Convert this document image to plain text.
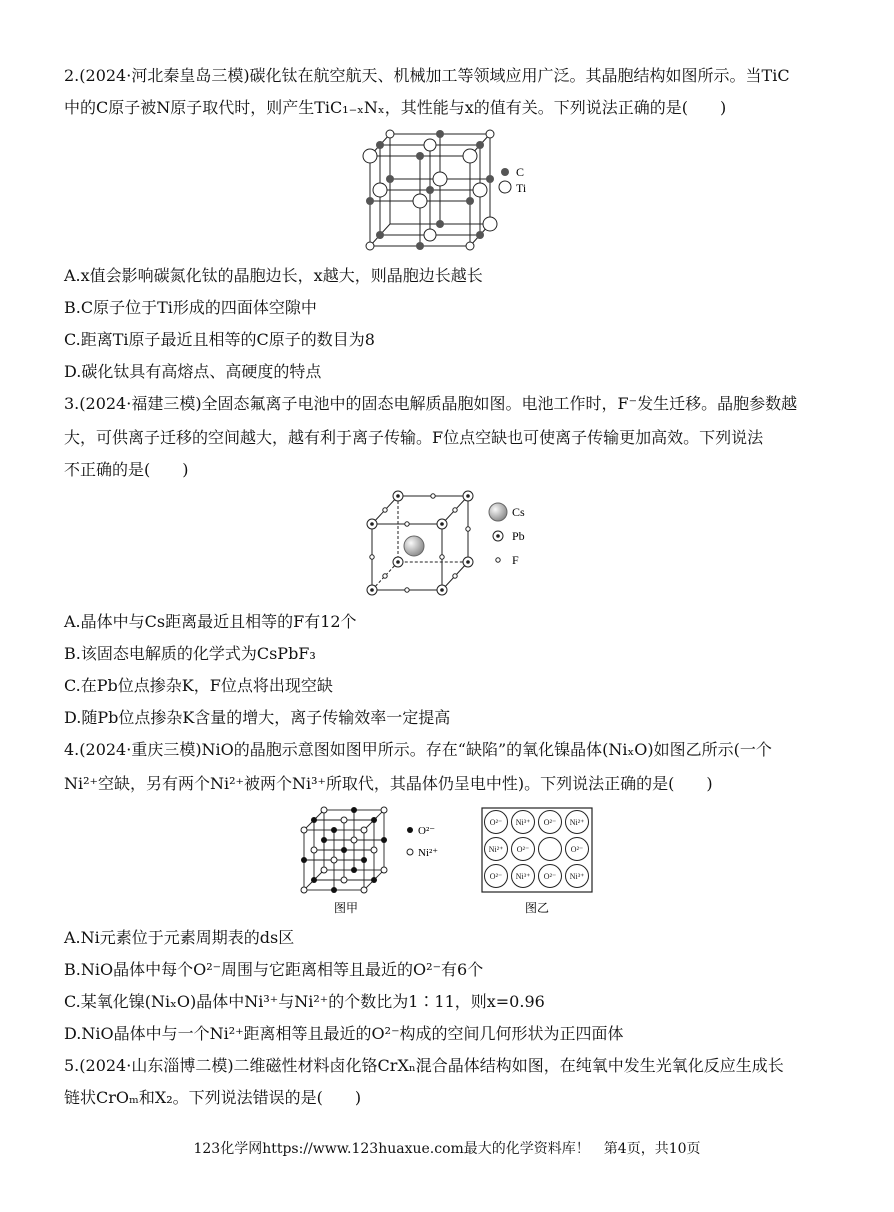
2.(2024·河北秦皇岛三模)碳化钛在航空航天、机械加工等领域应用广泛。其晶胞结构如图所示。当TiC
中的C原子被N原子取代时，则产生TiC₁₋ₓNₓ，其性能与x的值有关。下列说法正确的是(　　)
C
Ti
A.x值会影响碳氮化钛的晶胞边长，x越大，则晶胞边长越长
B.C原子位于Ti形成的四面体空隙中
C.距离Ti原子最近且相等的C原子的数目为8
D.碳化钛具有高熔点、高硬度的特点
3.(2024·福建三模)全固态氟离子电池中的固态电解质晶胞如图。电池工作时，F⁻发生迁移。晶胞参数越
大，可供离子迁移的空间越大，越有利于离子传输。F位点空缺也可使离子传输更加高效。下列说法
不正确的是(　　)
Cs
Pb
F
A.晶体中与Cs距离最近且相等的F有12个
B.该固态电解质的化学式为CsPbF₃
C.在Pb位点掺杂K，F位点将出现空缺
D.随Pb位点掺杂K含量的增大，离子传输效率一定提高
4.(2024·重庆三模)NiO的晶胞示意图如图甲所示。存在“缺陷”的氧化镍晶体(NiₓO)如图乙所示(一个
Ni²⁺空缺，另有两个Ni²⁺被两个Ni³⁺所取代，其晶体仍呈电中性)。下列说法正确的是(　　)
O²⁻
Ni²⁺
图甲
O²⁻ Ni³⁺ O²⁻ Ni²⁺
Ni²⁺ O²⁻	O²⁻
O²⁻ Ni³⁺ O²⁻ Ni³⁺
图乙
A.Ni元素位于元素周期表的ds区
B.NiO晶体中每个O²⁻周围与它距离相等且最近的O²⁻有6个
C.某氧化镍(NiₓO)晶体中Ni³⁺与Ni²⁺的个数比为1∶11，则x=0.96
D.NiO晶体中与一个Ni²⁺距离相等且最近的O²⁻构成的空间几何形状为正四面体
5.(2024·山东淄博二模)二维磁性材料卤化铬CrXₙ混合晶体结构如图，在纯氧中发生光氧化反应生成长
链状CrOₘ和X₂。下列说法错误的是(　　)
123化学网https://www.123huaxue.com最大的化学资料库！　第4页，共10页
